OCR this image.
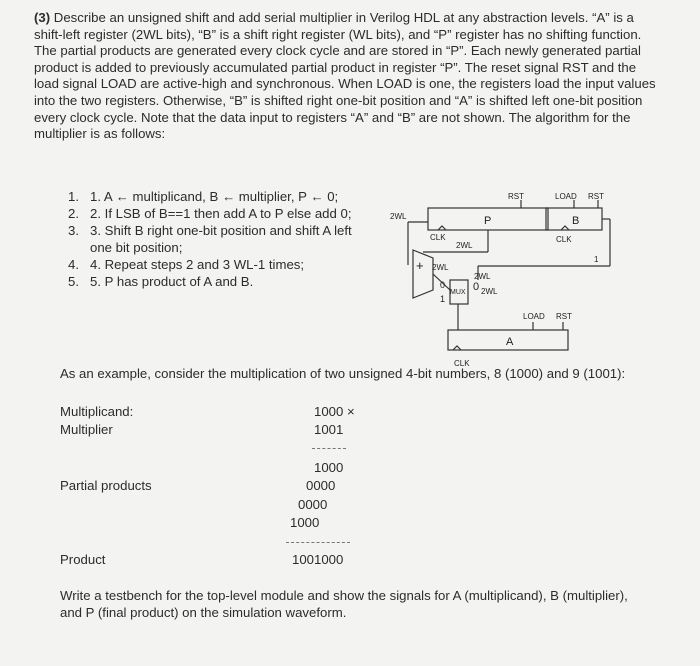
(3) Describe an unsigned shift and add serial multiplier in Verilog HDL at any abstraction levels. “A” is a shift-left register (2WL bits), “B” is a shift right register (WL bits), and “P” register has no shifting function. The partial products are generated every clock cycle and are stored in “P”. Each newly generated partial product is added to previously accumulated partial product in register “P”. The reset signal RST and the load signal LOAD are active-high and synchronous. When LOAD is one, the registers load the input values into the two registers. Otherwise, “B” is shifted right one-bit position and “A” is shifted left one-bit position every clock cycle. Note that the data input to registers “A” and “B” are not shown. The algorithm for the multiplier is as follows:
1. 1. A ← multiplicand, B ← multiplier, P ← 0;
2. 2. If LSB of B==1 then add A to P else add 0;
3. 3. Shift B right one-bit position and shift A left one bit position;
4. 4. Repeat steps 2 and 3 WL-1 times;
5. 5. P has product of A and B.
RST	LOAD RST
2WL
CLK	CLK
2WL
2WL
2WL
2WL
LOAD RST
MUX
1
CLK
P	B
A
+
0
0
1
As an example, consider the multiplication of two unsigned 4-bit numbers, 8 (1000) and 9 (1001):
Multiplicand:	1000 ×
Multiplier	1001
1000
Partial products	0000
0000
1000
Product	1001000
Write a testbench for the top-level module and show the signals for A (multiplicand), B (multiplier), and P (final product) on the simulation waveform.
